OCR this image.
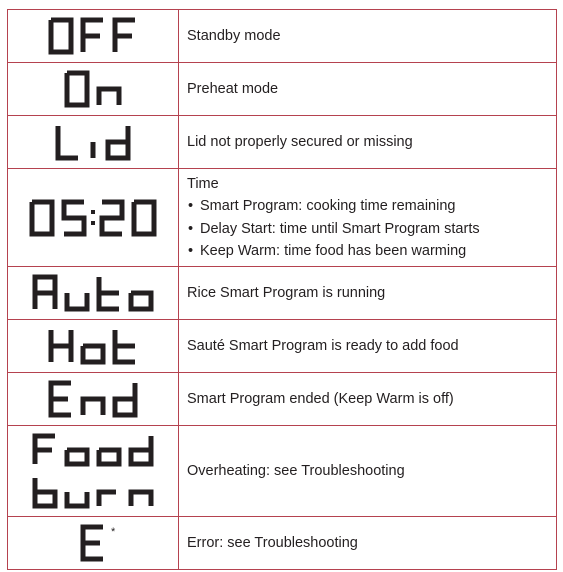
Standby mode
Preheat mode
Lid not properly secured or missing
Time
• Smart Program: cooking time remaining
• Delay Start: time until Smart Program starts
• Keep Warm: time food has been warming
Rice Smart Program is running
Sauté Smart Program is ready to add food
Smart Program ended (Keep Warm is off)
Overheating: see Troubleshooting
*
Error: see Troubleshooting
